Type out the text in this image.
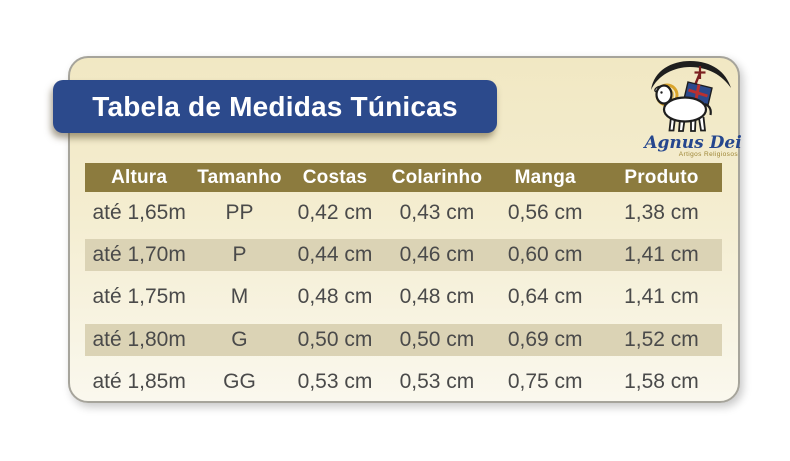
Tabela de Medidas Túnicas
Agnus Dei
Artigos Religiosos
Altura	Tamanho	Costas	Colarinho	Manga	Produto
até 1,65m	PP	0,42 cm	0,43 cm	0,56 cm	1,38 cm
até 1,70m	P	0,44 cm	0,46 cm	0,60 cm	1,41 cm
até 1,75m	M	0,48 cm	0,48 cm	0,64 cm	1,41 cm
até 1,80m	G	0,50 cm	0,50 cm	0,69 cm	1,52 cm
até 1,85m	GG	0,53 cm	0,53 cm	0,75 cm	1,58 cm
